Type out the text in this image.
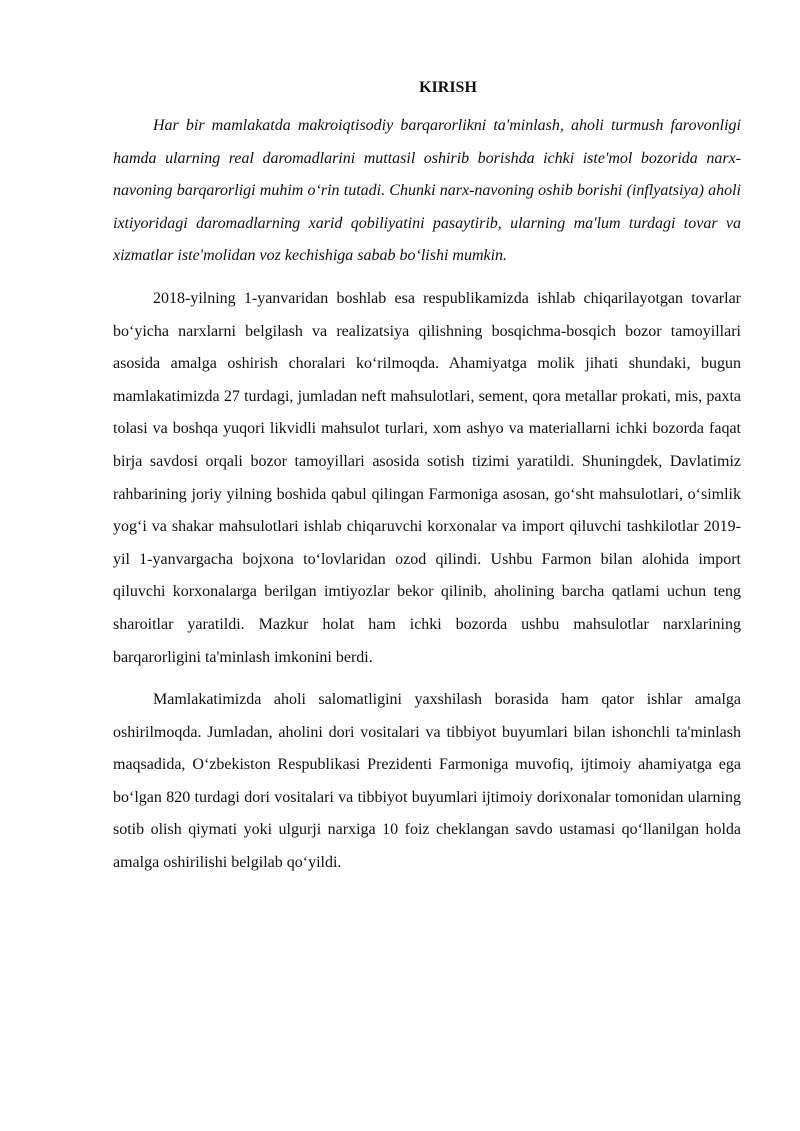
KIRISH

Har bir mamlakatda makroiqtisodiy barqarorlikni ta'minlash, aholi turmush farovonligi hamda ularning real daromadlarini muttasil oshirib borishda ichki iste'mol bozorida narx-navoning barqarorligi muhim o‘rin tutadi. Chunki narx-navoning oshib borishi (inflyatsiya) aholi ixtiyoridagi daromadlarning xarid qobiliyatini pasaytirib, ularning ma'lum turdagi tovar va xizmatlar iste'molidan voz kechishiga sabab bo‘lishi mumkin.

2018-yilning 1-yanvaridan boshlab esa respublikamizda ishlab chiqarilayotgan tovarlar bo‘yicha narxlarni belgilash va realizatsiya qilishning bosqichma-bosqich bozor tamoyillari asosida amalga oshirish choralari ko‘rilmoqda. Ahamiyatga molik jihati shundaki, bugun mamlakatimizda 27 turdagi, jumladan neft mahsulotlari, sement, qora metallar prokati, mis, paxta tolasi va boshqa yuqori likvidli mahsulot turlari, xom ashyo va materiallarni ichki bozorda faqat birja savdosi orqali bozor tamoyillari asosida sotish tizimi yaratildi. Shuningdek, Davlatimiz rahbarining joriy yilning boshida qabul qilingan Farmoniga asosan, go‘sht mahsulotlari, o‘simlik yog‘i va shakar mahsulotlari ishlab chiqaruvchi korxonalar va import qiluvchi tashkilotlar 2019-yil 1-yanvargacha bojxona to‘lovlaridan ozod qilindi. Ushbu Farmon bilan alohida import qiluvchi korxonalarga berilgan imtiyozlar bekor qilinib, aholining barcha qatlami uchun teng sharoitlar yaratildi. Mazkur holat ham ichki bozorda ushbu mahsulotlar narxlarining barqarorligini ta'minlash imkonini berdi.

Mamlakatimizda aholi salomatligini yaxshilash borasida ham qator ishlar amalga oshirilmoqda. Jumladan, aholini dori vositalari va tibbiyot buyumlari bilan ishonchli ta'minlash maqsadida, O‘zbekiston Respublikasi Prezidenti Farmoniga muvofiq, ijtimoiy ahamiyatga ega bo‘lgan 820 turdagi dori vositalari va tibbiyot buyumlari ijtimoiy dorixonalar tomonidan ularning sotib olish qiymati yoki ulgurji narxiga 10 foiz cheklangan savdo ustamasi qo‘llanilgan holda amalga oshirilishi belgilab qo‘yildi.
